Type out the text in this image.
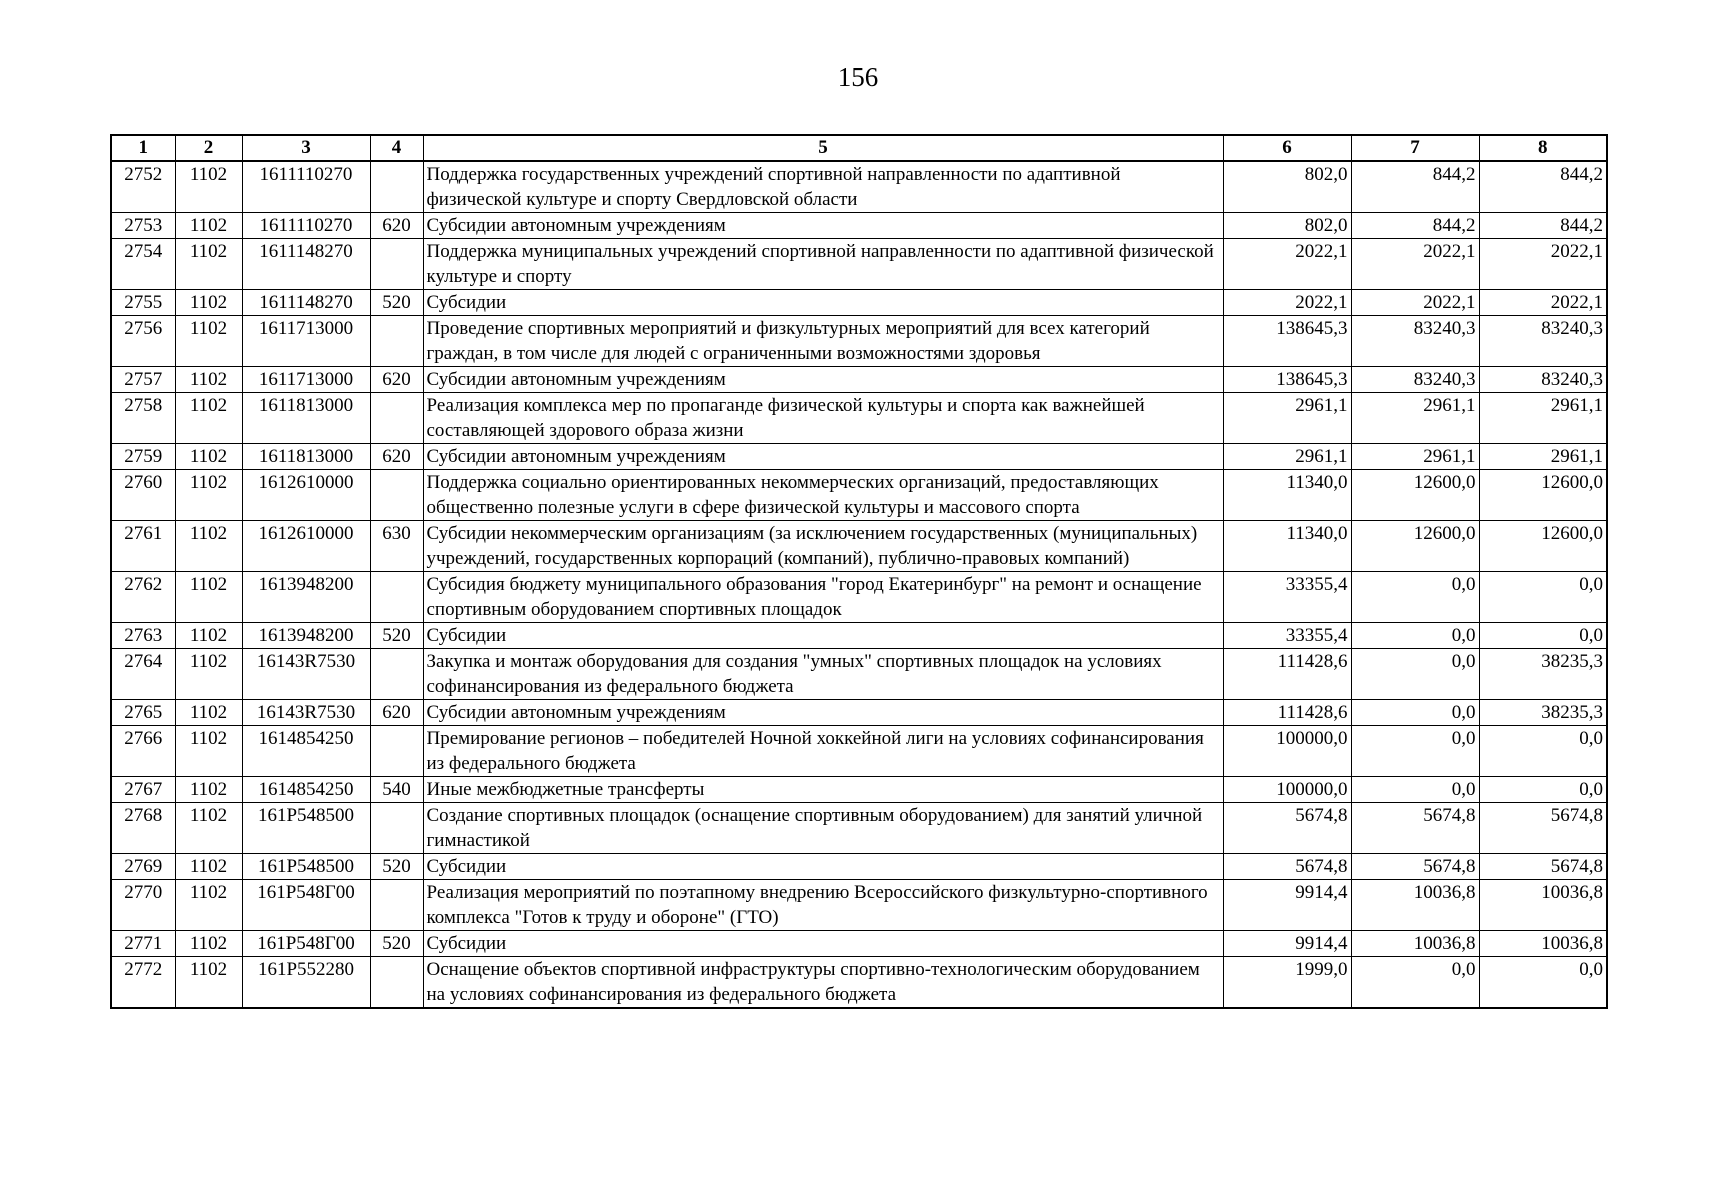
156
1	2	3	4	5	6	7	8
2752	1102	1611110270		Поддержка государственных учреждений спортивной направленности по адаптивной физической культуре и спорту Свердловской области	802,0	844,2	844,2
2753	1102	1611110270	620	Субсидии автономным учреждениям	802,0	844,2	844,2
2754	1102	1611148270		Поддержка муниципальных учреждений спортивной направленности по адаптивной физической культуре и спорту	2022,1	2022,1	2022,1
2755	1102	1611148270	520	Субсидии	2022,1	2022,1	2022,1
2756	1102	1611713000		Проведение спортивных мероприятий и физкультурных мероприятий для всех категорий граждан, в том числе для людей с ограниченными возможностями здоровья	138645,3	83240,3	83240,3
2757	1102	1611713000	620	Субсидии автономным учреждениям	138645,3	83240,3	83240,3
2758	1102	1611813000		Реализация комплекса мер по пропаганде физической культуры и спорта как важнейшей составляющей здорового образа жизни	2961,1	2961,1	2961,1
2759	1102	1611813000	620	Субсидии автономным учреждениям	2961,1	2961,1	2961,1
2760	1102	1612610000		Поддержка социально ориентированных некоммерческих организаций, предоставляющих общественно полезные услуги в сфере физической культуры и массового спорта	11340,0	12600,0	12600,0
2761	1102	1612610000	630	Субсидии некоммерческим организациям (за исключением государственных (муниципальных) учреждений, государственных корпораций (компаний), публично-правовых компаний)	11340,0	12600,0	12600,0
2762	1102	1613948200		Субсидия бюджету муниципального образования "город Екатеринбург" на ремонт и оснащение спортивным оборудованием спортивных площадок	33355,4	0,0	0,0
2763	1102	1613948200	520	Субсидии	33355,4	0,0	0,0
2764	1102	16143R7530		Закупка и монтаж оборудования для создания "умных" спортивных площадок на условиях софинансирования из федерального бюджета	111428,6	0,0	38235,3
2765	1102	16143R7530	620	Субсидии автономным учреждениям	111428,6	0,0	38235,3
2766	1102	1614854250		Премирование регионов – победителей Ночной хоккейной лиги на условиях софинансирования из федерального бюджета	100000,0	0,0	0,0
2767	1102	1614854250	540	Иные межбюджетные трансферты	100000,0	0,0	0,0
2768	1102	161P548500		Создание спортивных площадок (оснащение спортивным оборудованием) для занятий уличной гимнастикой	5674,8	5674,8	5674,8
2769	1102	161P548500	520	Субсидии	5674,8	5674,8	5674,8
2770	1102	161P548Г00		Реализация мероприятий по поэтапному внедрению Всероссийского физкультурно-спортивного комплекса "Готов к труду и обороне" (ГТО)	9914,4	10036,8	10036,8
2771	1102	161P548Г00	520	Субсидии	9914,4	10036,8	10036,8
2772	1102	161P552280		Оснащение объектов спортивной инфраструктуры спортивно-технологическим оборудованием на условиях софинансирования из федерального бюджета	1999,0	0,0	0,0
